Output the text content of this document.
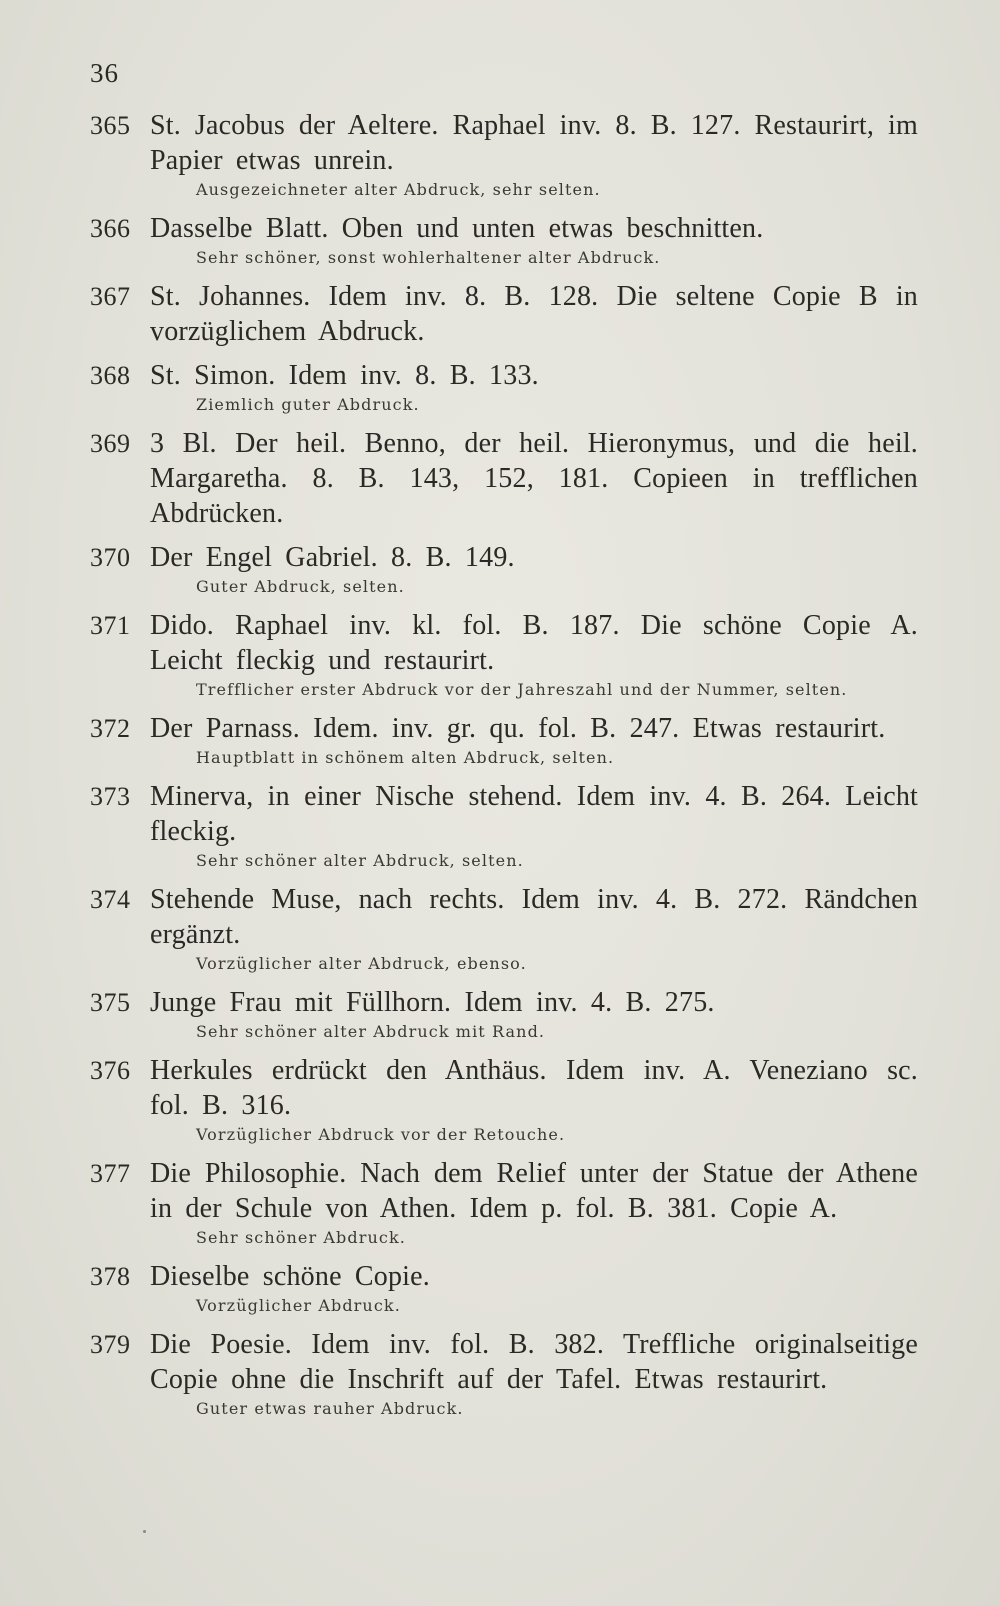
36
365 St. Jacobus der Aeltere. Raphael inv. 8. B. 127. Restaurirt, im Papier etwas unrein.
Ausgezeichneter alter Abdruck, sehr selten.
366 Dasselbe Blatt. Oben und unten etwas beschnitten.
Sehr schöner, sonst wohlerhaltener alter Abdruck.
367 St. Johannes. Idem inv. 8. B. 128. Die seltene Copie B in vorzüglichem Abdruck.
368 St. Simon. Idem inv. 8. B. 133.
Ziemlich guter Abdruck.
369 3 Bl. Der heil. Benno, der heil. Hieronymus, und die heil. Margaretha. 8. B. 143, 152, 181. Copieen in trefflichen Abdrücken.
370 Der Engel Gabriel. 8. B. 149.
Guter Abdruck, selten.
371 Dido. Raphael inv. kl. fol. B. 187. Die schöne Copie A. Leicht fleckig und restaurirt.
Trefflicher erster Abdruck vor der Jahreszahl und der Nummer, selten.
372 Der Parnass. Idem. inv. gr. qu. fol. B. 247. Etwas restaurirt.
Hauptblatt in schönem alten Abdruck, selten.
373 Minerva, in einer Nische stehend. Idem inv. 4. B. 264. Leicht fleckig.
Sehr schöner alter Abdruck, selten.
374 Stehende Muse, nach rechts. Idem inv. 4. B. 272. Rändchen ergänzt.
Vorzüglicher alter Abdruck, ebenso.
375 Junge Frau mit Füllhorn. Idem inv. 4. B. 275.
Sehr schöner alter Abdruck mit Rand.
376 Herkules erdrückt den Anthäus. Idem inv. A. Veneziano sc. fol. B. 316.
Vorzüglicher Abdruck vor der Retouche.
377 Die Philosophie. Nach dem Relief unter der Statue der Athene in der Schule von Athen. Idem p. fol. B. 381. Copie A.
Sehr schöner Abdruck.
378 Dieselbe schöne Copie.
Vorzüglicher Abdruck.
379 Die Poesie. Idem inv. fol. B. 382. Treffliche originalseitige Copie ohne die Inschrift auf der Tafel. Etwas restaurirt.
Guter etwas rauher Abdruck.
